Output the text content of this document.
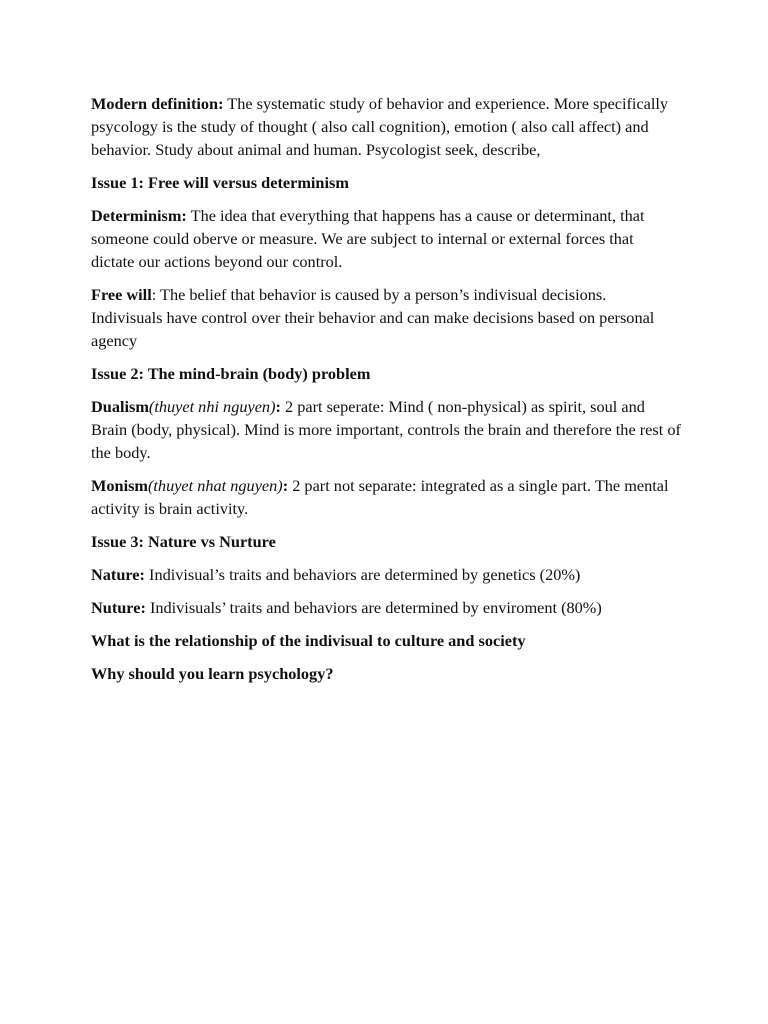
Modern definition: The systematic study of behavior and experience. More specifically psycology is the study of thought ( also call cognition), emotion ( also call affect) and behavior. Study about animal and human. Psycologist seek, describe,

Issue 1: Free will versus determinism

Determinism: The idea that everything that happens has a cause or determinant, that someone could oberve or measure. We are subject to internal or external forces that dictate our actions beyond our control.

Free will: The belief that behavior is caused by a person’s indivisual decisions. Indivisuals have control over their behavior and can make decisions based on personal agency

Issue 2: The mind-brain (body) problem

Dualism(thuyet nhi nguyen): 2 part seperate: Mind ( non-physical) as spirit, soul and Brain (body, physical). Mind is more important, controls the brain and therefore the rest of the body.

Monism(thuyet nhat nguyen): 2 part not separate: integrated as a single part. The mental activity is brain activity.

Issue 3: Nature vs Nurture

Nature: Indivisual’s traits and behaviors are determined by genetics (20%)

Nuture: Indivisuals’ traits and behaviors are determined by enviroment (80%)

What is the relationship of the indivisual to culture and society

Why should you learn psychology?
